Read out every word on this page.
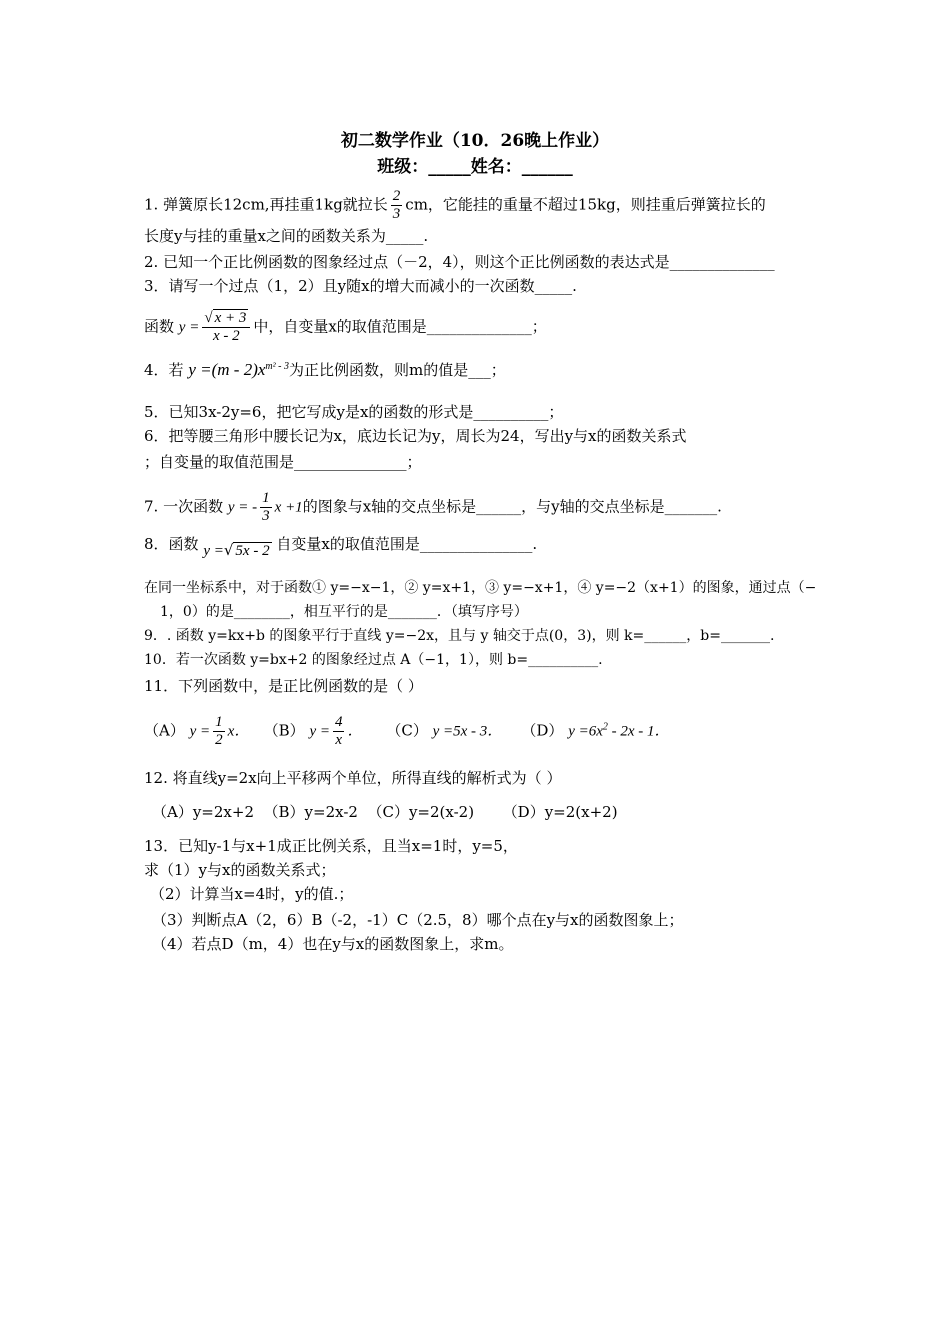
初二数学作业（10．26晚上作业）
班级：_____姓名：______
1. 弹簧原长12cm,再挂重1kg就拉长 $\frac{2}{3}$ cm，它能挂的重量不超过15kg，则挂重后弹簧拉长的
长度y与挂的重量x之间的函数关系为_____.
2. 已知一个正比例函数的图象经过点（－2，4），则这个正比例函数的表达式是______________
3．请写一个过点（1，2）且y随x的增大而减小的一次函数_____.
函数 $y = \frac{√ x + 3}{x - 2}$ 中，自变量x的取值范围是______________；
4．若 $y =(m - 2)x^{m^2 - 3}$为正比例函数，则m的值是___；
5．已知3x-2y=6，把它写成y是x的函数的形式是__________；
6．把等腰三角形中腰长记为x，底边长记为y，周长为24，写出y与x的函数关系式
；自变量的取值范围是_______________；
7. 一次函数 y = - $\frac{1}{3}$ x +1的图象与x轴的交点坐标是______，与y轴的交点坐标是_______.
8．函数 y =√ 5x - 2 自变量x的取值范围是_______________.
在同一坐标系中，对于函数① y=−x−1，② y=x+1，③ y=−x+1，④ y=−2（x+1）的图象，通过点（−
1，0）的是________，相互平行的是_______．（填写序号）
9．. 函数 y=kx+b 的图象平行于直线 y=−2x，且与 y 轴交于点(0，3)，则 k=______，b=_______.
10．若一次函数 y=bx+2 的图象经过点 A（−1，1），则 b=__________.
11．下列函数中，是正比例函数的是（ ）
（A） $y = \frac{1}{2}$ x． （B） $y = \frac{4}{x}$ ． （C） y =5x - 3． （D） $y =6x^2 - 2x - 1$．
12. 将直线y=2x向上平移两个单位，所得直线的解析式为（ ）
（A）y=2x+2  （B）y=2x-2  （C）y=2(x-2)      （D）y=2(x+2)
13．已知y-1与x+1成正比例关系，且当x=1时，y=5，
求（1）y与x的函数关系式；
（2）计算当x=4时，y的值.；
（3）判断点A（2，6）B（-2，-1）C（2.5，8）哪个点在y与x的函数图象上；
（4）若点D（m，4）也在y与x的函数图象上，求m。
